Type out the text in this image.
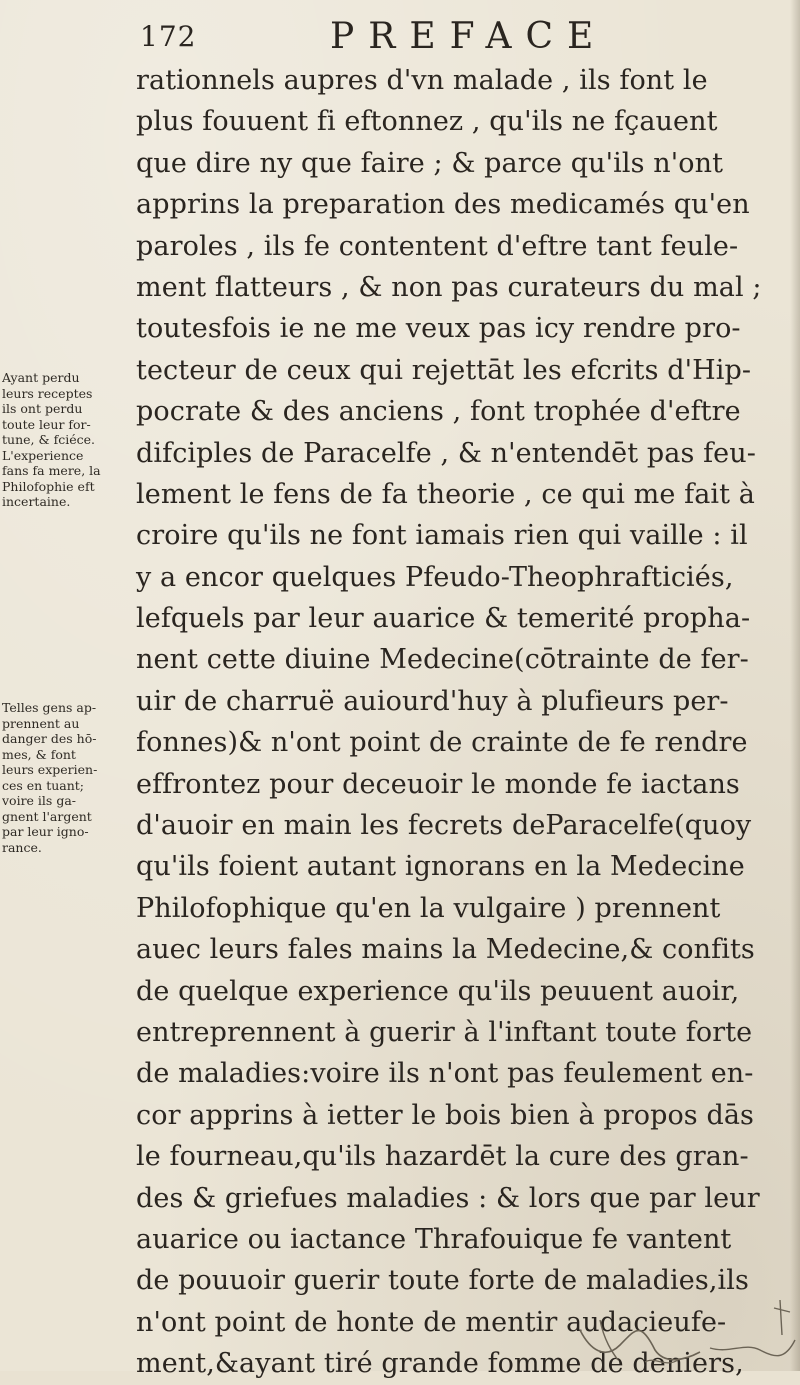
172	PREFACE
rationnels aupres d'vn malade , ils font le
plus fouuent fi eftonnez , qu'ils ne fçauent
que dire ny que faire ; & parce qu'ils n'ont
apprins la preparation des medicamés qu'en
paroles , ils fe contentent d'eftre tant feule-
ment flatteurs , & non pas curateurs du mal ;
toutesfois ie ne me veux pas icy rendre pro-
tecteur de ceux qui rejettāt les efcrits d'Hip-
pocrate & des anciens , font trophée d'eftre
difciples de Paracelfe , & n'entendēt pas feu-
lement le fens de fa theorie , ce qui me fait à
croire qu'ils ne font iamais rien qui vaille : il
y a encor quelques Pfeudo-Theophrafticiés,
lefquels par leur auarice & temerité propha-
nent cette diuine Medecine(cōtrainte de fer-
uir de charruë auiourd'huy à plufieurs per-
fonnes)& n'ont point de crainte de fe rendre
effrontez pour deceuoir le monde fe iactans
d'auoir en main les fecrets deParacelfe(quoy
qu'ils foient autant ignorans en la Medecine
Philofophique qu'en la vulgaire ) prennent
auec leurs fales mains la Medecine,& confits
de quelque experience qu'ils peuuent auoir,
entreprennent à guerir à l'inftant toute forte
de maladies:voire ils n'ont pas feulement en-
cor apprins à ietter le bois bien à propos dās
le fourneau,qu'ils hazardēt la cure des gran-
des & griefues maladies : & lors que par leur
auarice ou iactance Thrafouique fe vantent
de pouuoir guerir toute forte de maladies,ils
n'ont point de honte de mentir audacieufe-
ment,&ayant tiré grande fomme de deniers,
Ayant perdu
leurs receptes
ils ont perdu
toute leur for-
tune, & fciéce.
L'experience
fans fa mere, la
Philofophie eft
incertaine.
Telles gens ap-
prennent au
danger des hō-
mes, & font
leurs experien-
ces en tuant;
voire ils ga-
gnent l'argent
par leur igno-
rance.
